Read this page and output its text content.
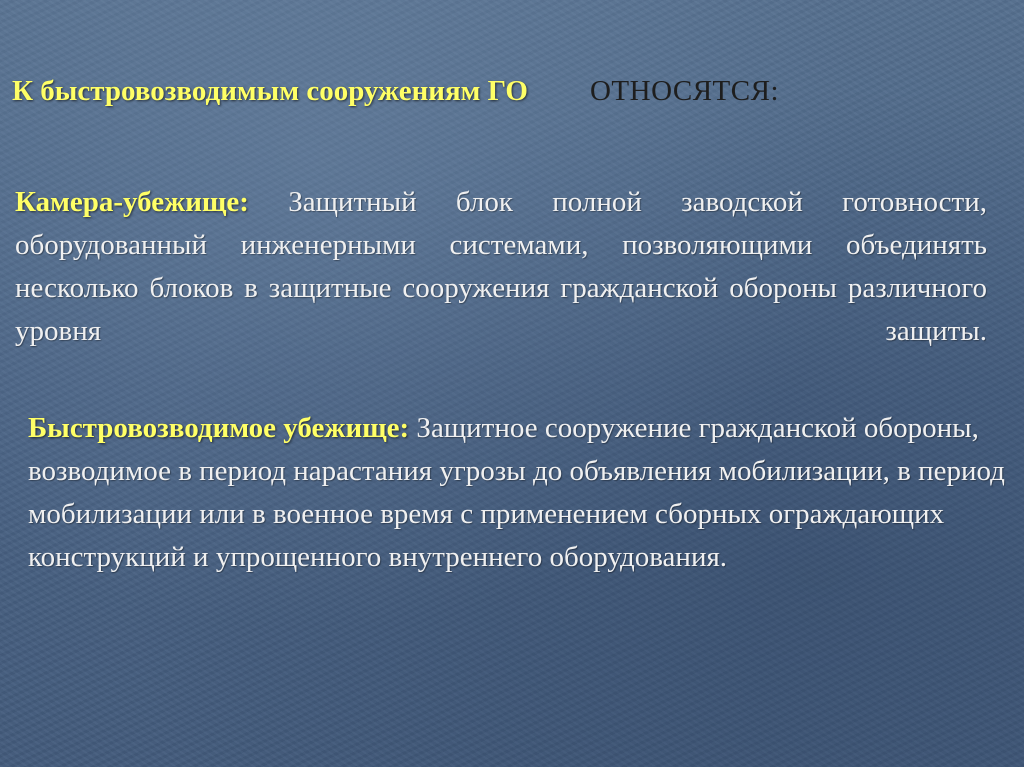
К быстровозводимым сооружениям ГО ОТНОСЯТСЯ:
Камера-убежище: Защитный блок полной заводской готовности, оборудованный инженерными системами, позволяющими объединять несколько блоков в защитные сооружения гражданской обороны различного уровня защиты.
Быстровозводимое убежище: Защитное сооружение гражданской обороны, возводимое в период нарастания угрозы до объявления мобилизации, в период мобилизации или в военное время с применением сборных ограждающих конструкций и упрощенного внутреннего оборудования.
